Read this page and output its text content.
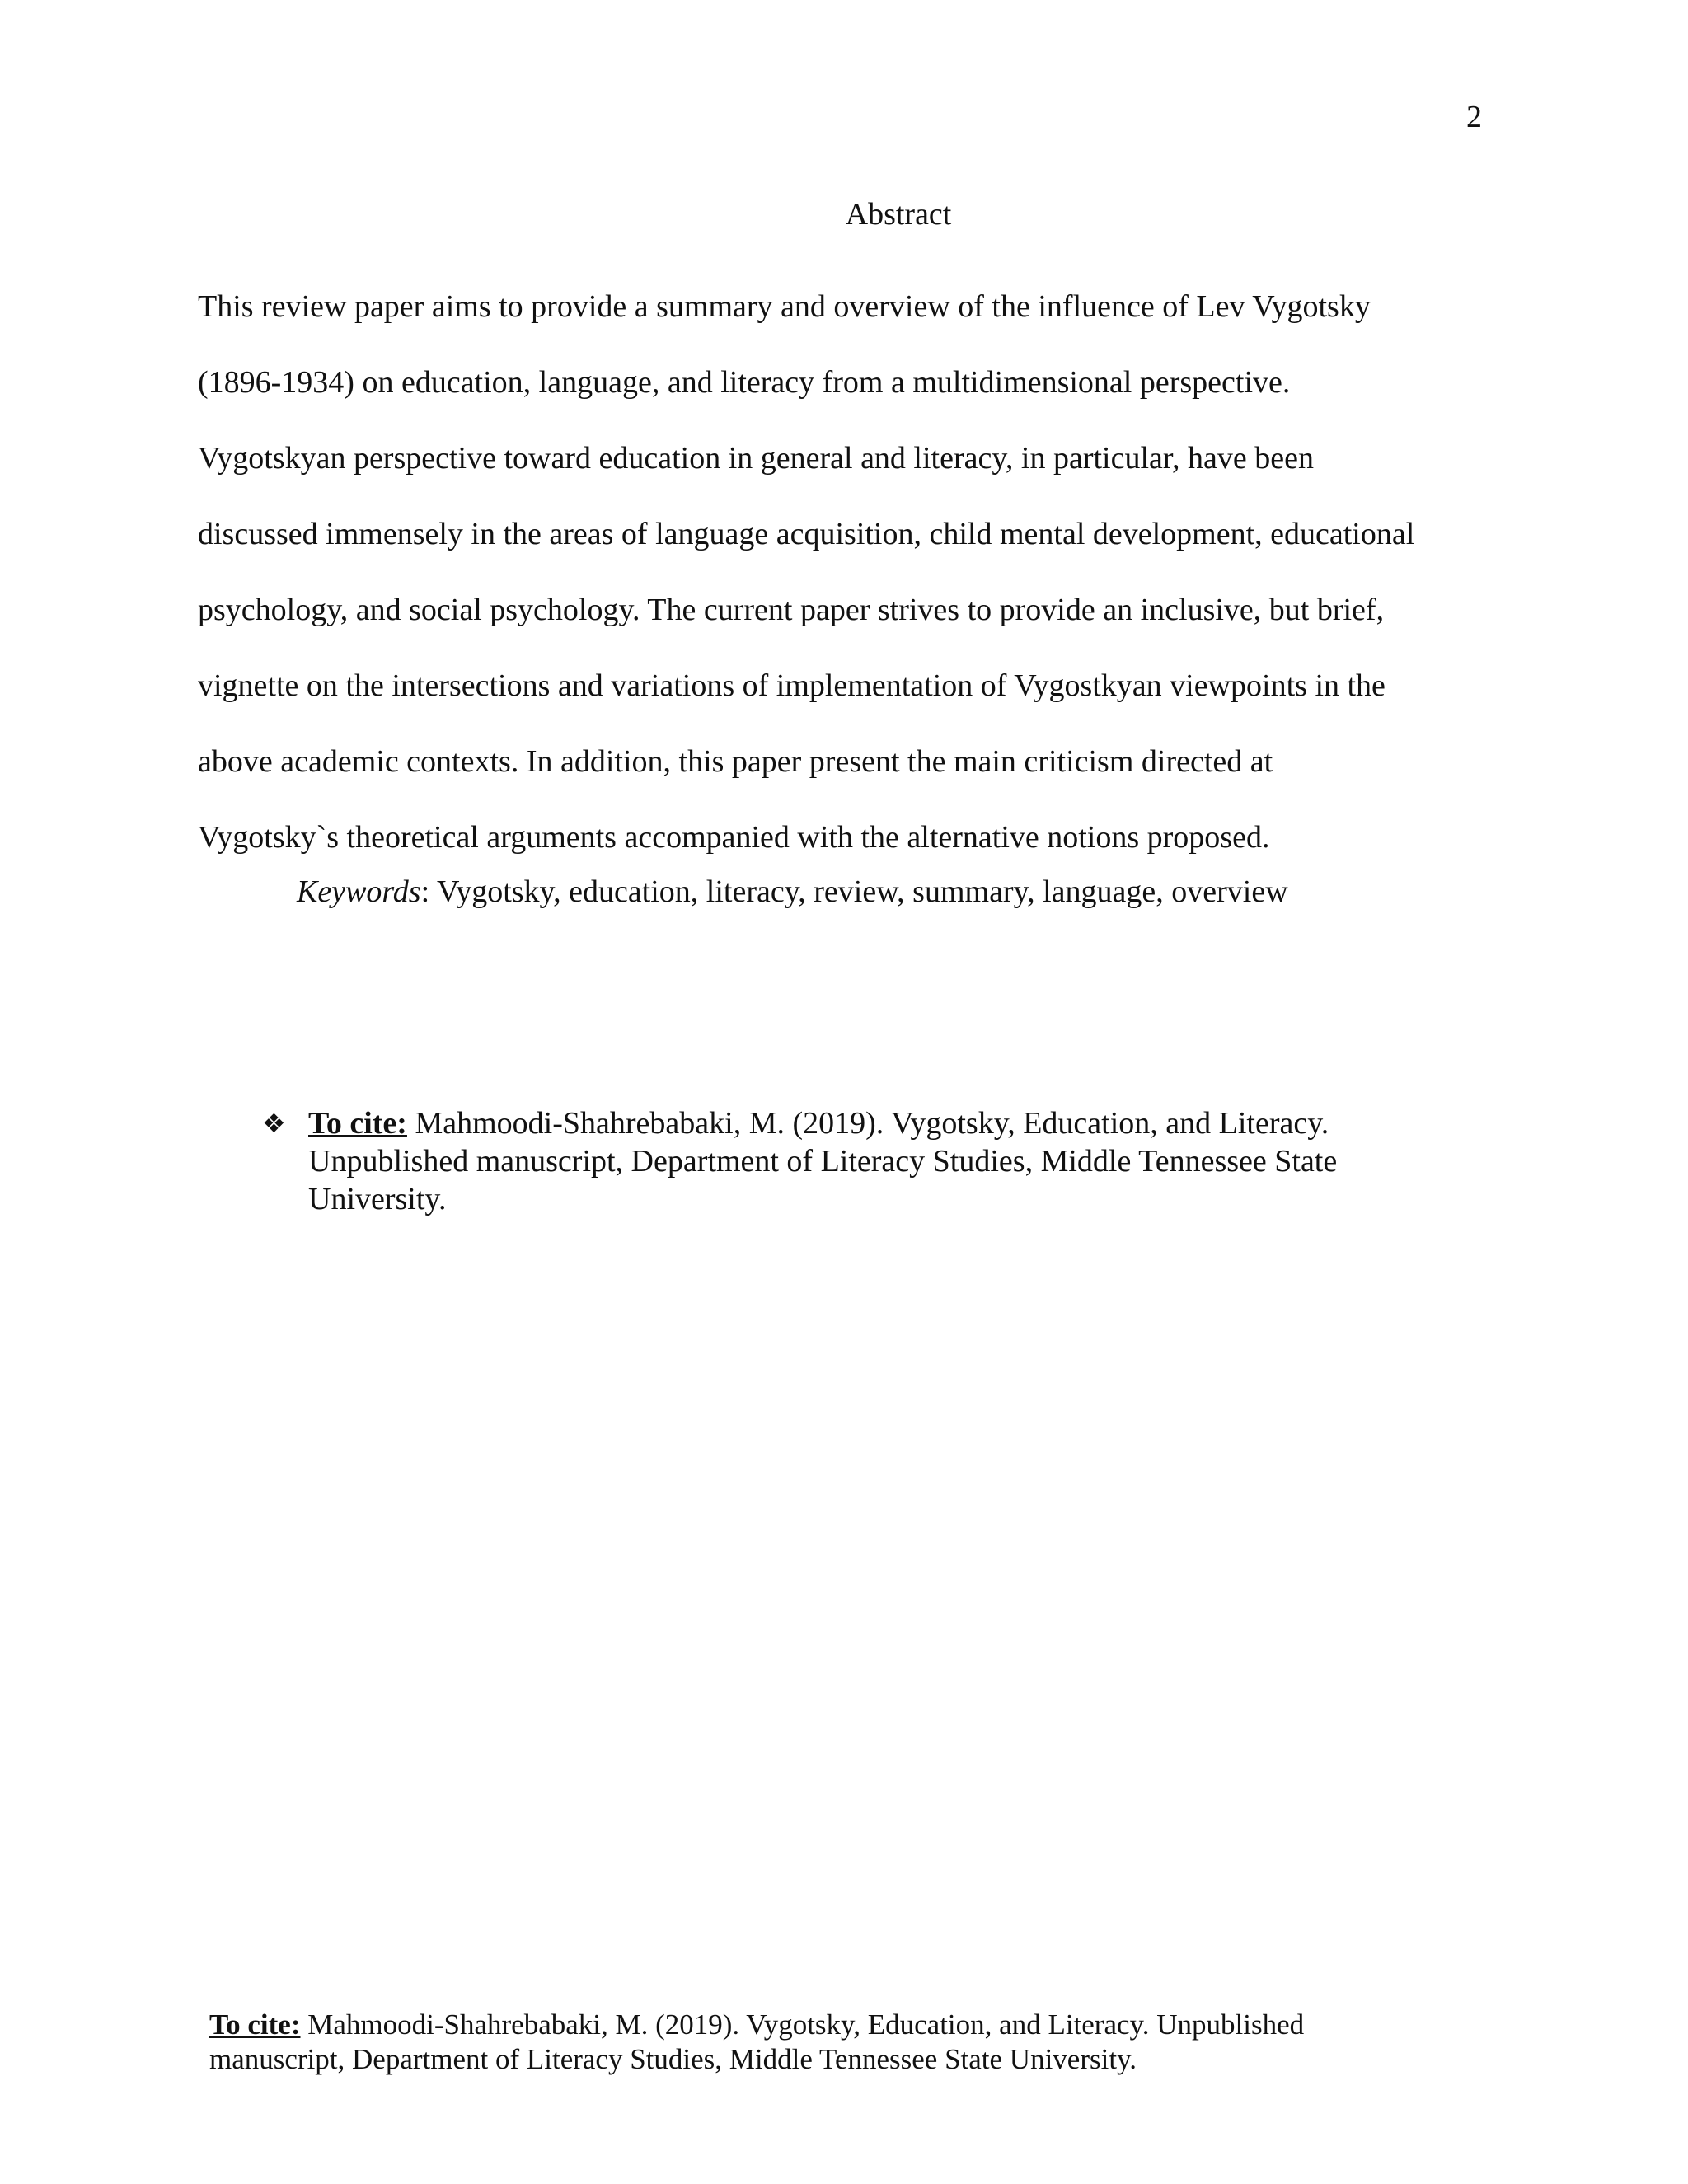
2
Abstract
This review paper aims to provide a summary and overview of the influence of Lev Vygotsky
(1896-1934) on education, language, and literacy from a multidimensional perspective.
Vygotskyan perspective toward education in general and literacy, in particular, have been
discussed immensely in the areas of language acquisition, child mental development, educational
psychology, and social psychology. The current paper strives to provide an inclusive, but brief,
vignette on the intersections and variations of implementation of Vygostkyan viewpoints in the
above academic contexts. In addition, this paper present the main criticism directed at
Vygotsky`s theoretical arguments accompanied with the alternative notions proposed.
Keywords: Vygotsky, education, literacy, review, summary, language, overview
❖ To cite: Mahmoodi-Shahrebabaki, M. (2019). Vygotsky, Education, and Literacy.
Unpublished manuscript, Department of Literacy Studies, Middle Tennessee State
University.
To cite: Mahmoodi-Shahrebabaki, M. (2019). Vygotsky, Education, and Literacy. Unpublished
manuscript, Department of Literacy Studies, Middle Tennessee State University.
